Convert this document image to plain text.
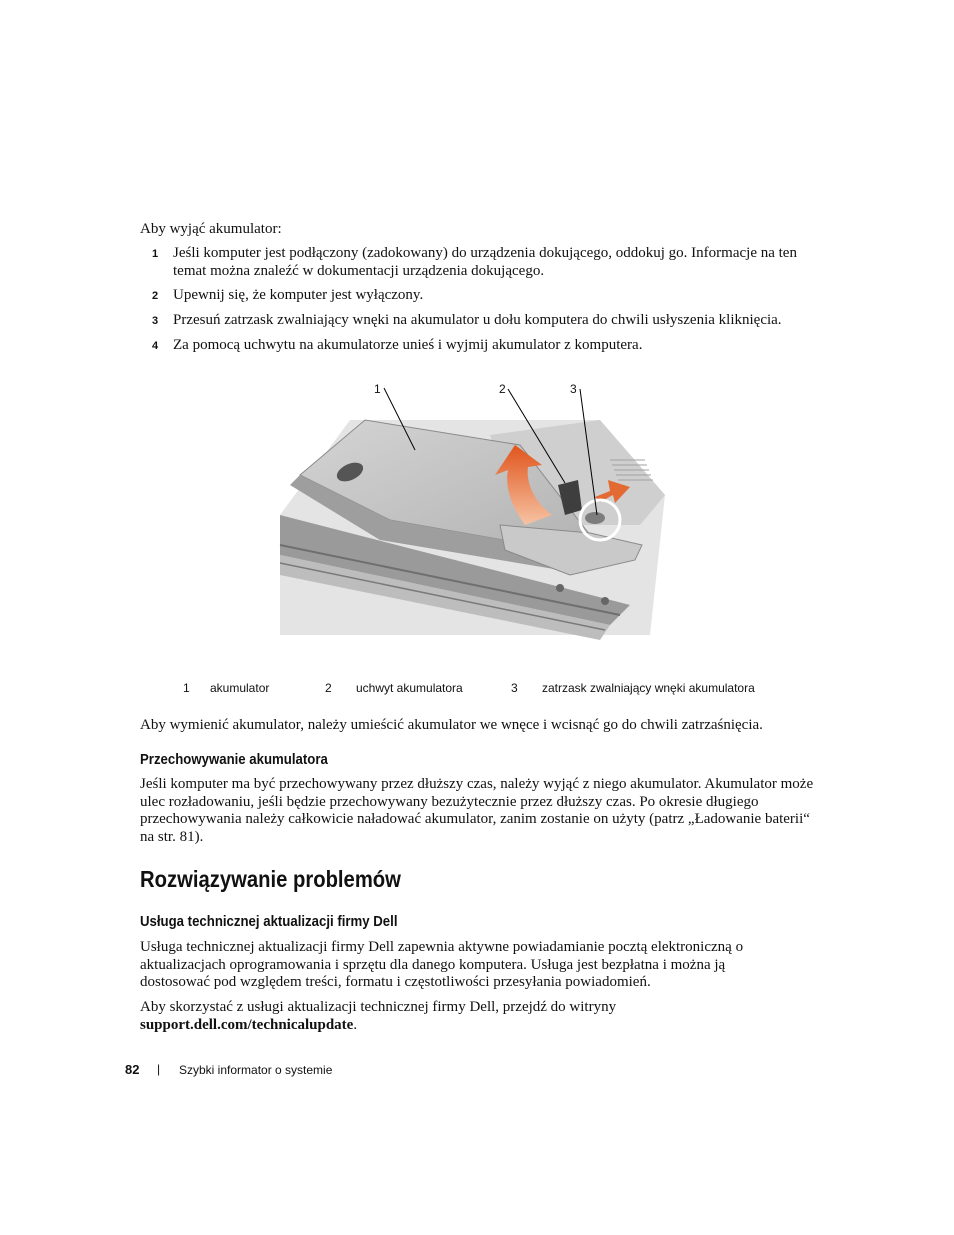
Aby wyjąć akumulator:
1 Jeśli komputer jest podłączony (zadokowany) do urządzenia dokującego, oddokuj go. Informacje na ten temat można znaleźć w dokumentacji urządzenia dokującego.
2 Upewnij się, że komputer jest wyłączony.
3 Przesuń zatrzask zwalniający wnęki na akumulator u dołu komputera do chwili usłyszenia kliknięcia.
4 Za pomocą uchwytu na akumulatorze unieś i wyjmij akumulator z komputera.
1	2	3
1 akumulator	2 uchwyt akumulatora	3 zatrzask zwalniający wnęki akumulatora
Aby wymienić akumulator, należy umieścić akumulator we wnęce i wcisnąć go do chwili zatrzaśnięcia.
Przechowywanie akumulatora
Jeśli komputer ma być przechowywany przez dłuższy czas, należy wyjąć z niego akumulator. Akumulator może ulec rozładowaniu, jeśli będzie przechowywany bezużytecznie przez dłuższy czas. Po okresie długiego przechowywania należy całkowicie naładować akumulator, zanim zostanie on użyty (patrz „Ładowanie baterii“ na str. 81).
Rozwiązywanie problemów
Usługa technicznej aktualizacji firmy Dell
Usługa technicznej aktualizacji firmy Dell zapewnia aktywne powiadamianie pocztą elektroniczną o aktualizacjach oprogramowania i sprzętu dla danego komputera. Usługa jest bezpłatna i można ją dostosować pod względem treści, formatu i częstotliwości przesyłania powiadomień.
Aby skorzystać z usługi aktualizacji technicznej firmy Dell, przejdź do witryny support.dell.com/technicalupdate.
82 | Szybki informator o systemie
